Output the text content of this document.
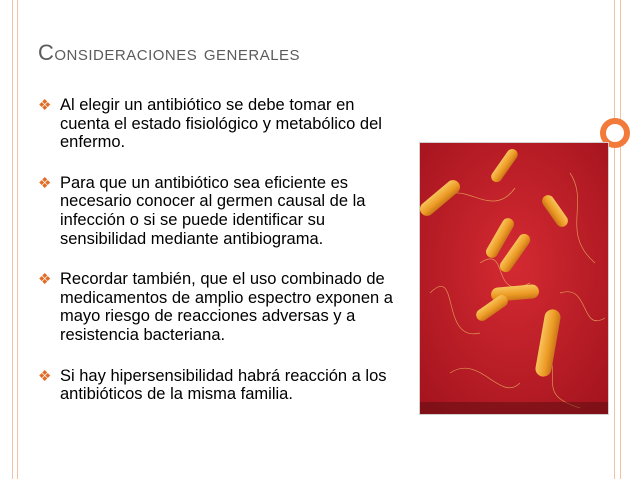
Consideraciones generales
❖ Al elegir un antibiótico se debe tomar en cuenta el estado fisiológico y metabólico del enfermo.
❖ Para que un antibiótico sea eficiente es necesario conocer al germen causal de la infección o si se puede identificar su sensibilidad mediante antibiograma.
❖ Recordar también, que el uso combinado de medicamentos de amplio espectro exponen a mayo riesgo de reacciones adversas y a resistencia bacteriana.
❖ Si hay hipersensibilidad habrá reacción a los antibióticos de la misma familia.
